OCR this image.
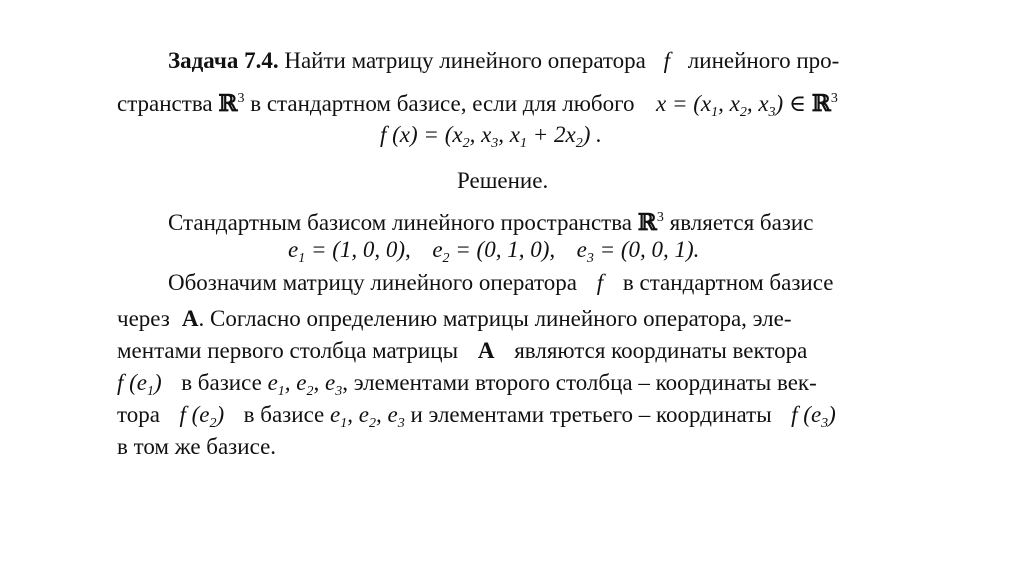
Задача 7.4. Найти матрицу линейного оператора f линейного про-
странства ℝ$^3$ в стандартном базисе, если для любого $x = (x_1$, $x_2$, $x_3$) ∈ ℝ$^3$
f $(x) = (x_2$, $x_3$, $x_1 + 2x_2$) .
Решение.
Стандартным базисом линейного пространства ℝ$^3$ является базис
$e_1 = (1$, 0, 0), $e_2 = (0$, 1, 0), $e_3 = (0$, 0, 1).
Обозначим матрицу линейного оператора f в стандартном базисе
через A. Согласно определению матрицы линейного оператора, эле-
ментами первого столбца матрицы A являются координаты вектора
f $(e_1)$ в базисе $e_1$, $e_2$, $e_3$, элементами второго столбца – координаты век-
тора f $(e_2)$ в базисе $e_1$, $e_2$, $e_3$ и элементами третьего – координаты f $(e_3)$
в том же базисе.
